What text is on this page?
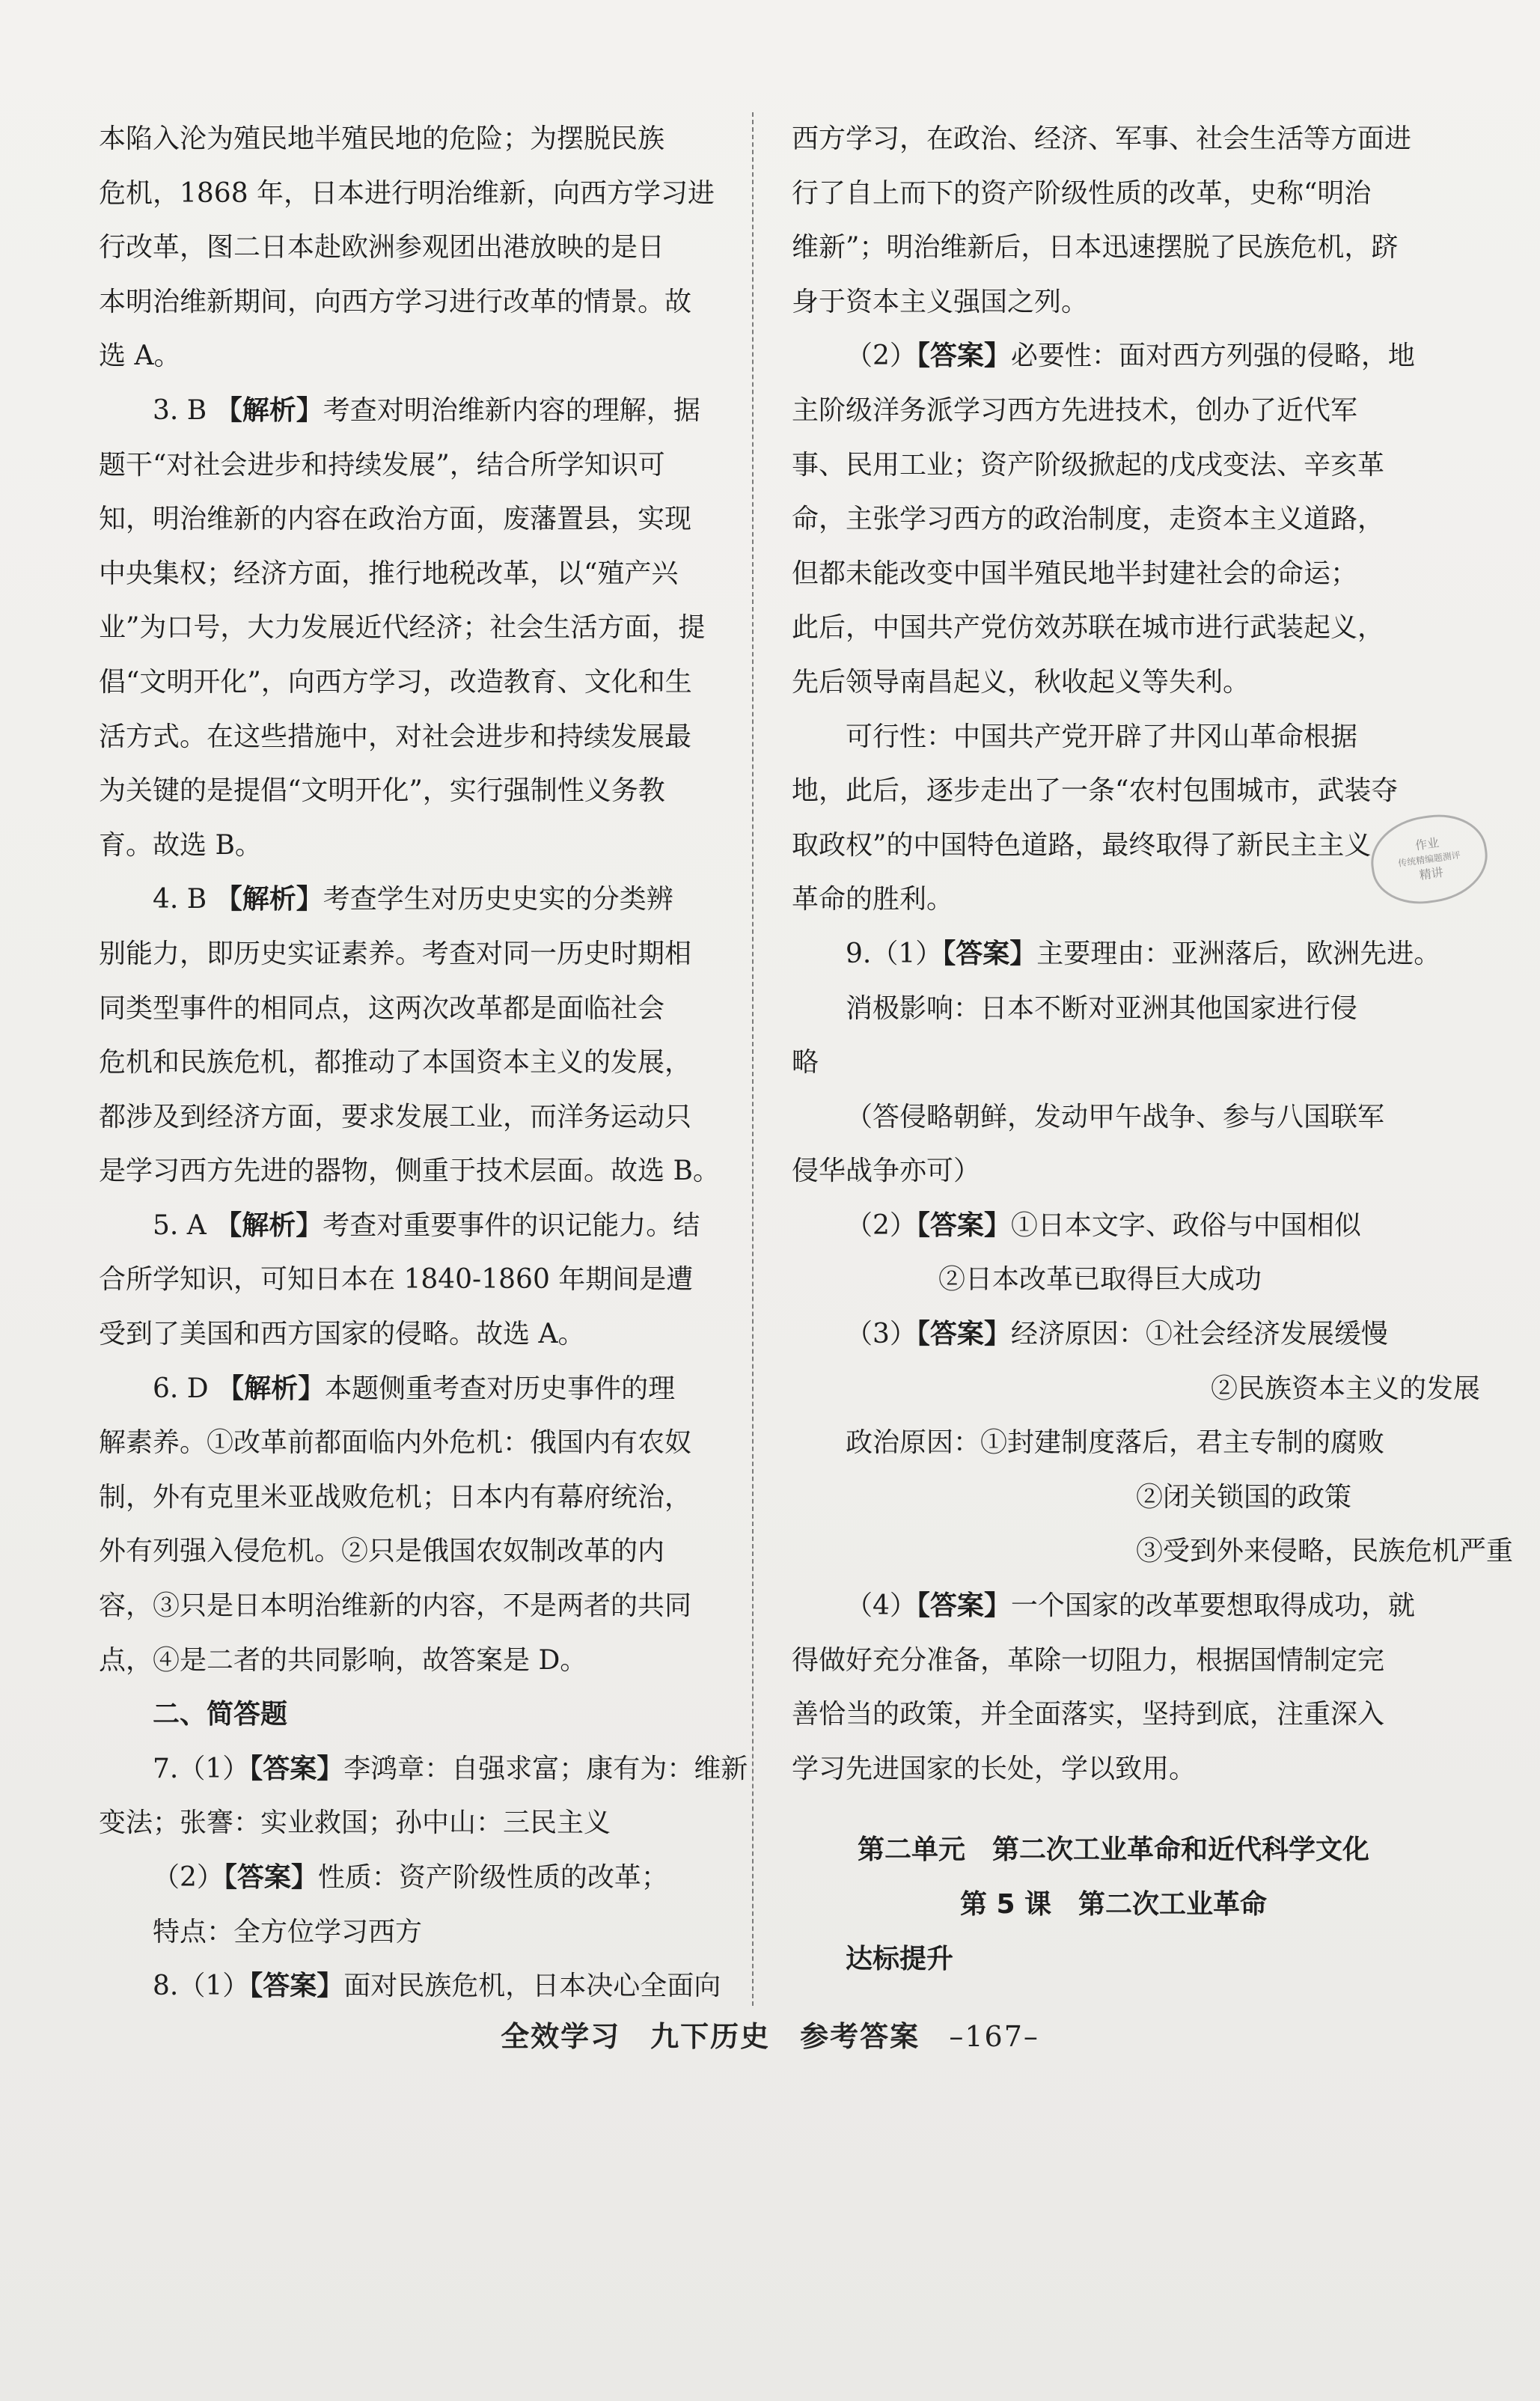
本陷入沦为殖民地半殖民地的危险；为摆脱民族
危机，1868 年，日本进行明治维新，向西方学习进
行改革，图二日本赴欧洲参观团出港放映的是日
本明治维新期间，向西方学习进行改革的情景。故
选 A。
3. B 【解析】考查对明治维新内容的理解，据
题干“对社会进步和持续发展”，结合所学知识可
知，明治维新的内容在政治方面，废藩置县，实现
中央集权；经济方面，推行地税改革，以“殖产兴
业”为口号，大力发展近代经济；社会生活方面，提
倡“文明开化”，向西方学习，改造教育、文化和生
活方式。在这些措施中，对社会进步和持续发展最
为关键的是提倡“文明开化”，实行强制性义务教
育。故选 B。
4. B 【解析】考查学生对历史史实的分类辨
别能力，即历史实证素养。考查对同一历史时期相
同类型事件的相同点，这两次改革都是面临社会
危机和民族危机，都推动了本国资本主义的发展，
都涉及到经济方面，要求发展工业，而洋务运动只
是学习西方先进的器物，侧重于技术层面。故选 B。
5. A 【解析】考查对重要事件的识记能力。结
合所学知识，可知日本在 1840-1860 年期间是遭
受到了美国和西方国家的侵略。故选 A。
6. D 【解析】本题侧重考查对历史事件的理
解素养。①改革前都面临内外危机：俄国内有农奴
制，外有克里米亚战败危机；日本内有幕府统治，
外有列强入侵危机。②只是俄国农奴制改革的内
容，③只是日本明治维新的内容，不是两者的共同
点，④是二者的共同影响，故答案是 D。
二、简答题
7.（1）【答案】李鸿章：自强求富；康有为：维新
变法；张謇：实业救国；孙中山：三民主义
（2）【答案】性质：资产阶级性质的改革；
特点：全方位学习西方
8.（1）【答案】面对民族危机，日本决心全面向
西方学习，在政治、经济、军事、社会生活等方面进
行了自上而下的资产阶级性质的改革，史称“明治
维新”；明治维新后，日本迅速摆脱了民族危机，跻
身于资本主义强国之列。
（2）【答案】必要性：面对西方列强的侵略，地
主阶级洋务派学习西方先进技术，创办了近代军
事、民用工业；资产阶级掀起的戊戌变法、辛亥革
命，主张学习西方的政治制度，走资本主义道路，
但都未能改变中国半殖民地半封建社会的命运；
此后，中国共产党仿效苏联在城市进行武装起义，
先后领导南昌起义，秋收起义等失利。
可行性：中国共产党开辟了井冈山革命根据
地，此后，逐步走出了一条“农村包围城市，武装夺
取政权”的中国特色道路，最终取得了新民主主义
革命的胜利。
9.（1）【答案】主要理由：亚洲落后，欧洲先进。
消极影响：日本不断对亚洲其他国家进行侵
略
（答侵略朝鲜，发动甲午战争、参与八国联军
侵华战争亦可）
（2）【答案】①日本文字、政俗与中国相似
②日本改革已取得巨大成功
（3）【答案】经济原因：①社会经济发展缓慢
②民族资本主义的发展
政治原因：①封建制度落后，君主专制的腐败
②闭关锁国的政策
③受到外来侵略，民族危机严重
（4）【答案】一个国家的改革要想取得成功，就
得做好充分准备，革除一切阻力，根据国情制定完
善恰当的政策，并全面落实，坚持到底，注重深入
学习先进国家的长处，学以致用。
第二单元　第二次工业革命和近代科学文化
第 5 课　第二次工业革命
达标提升
作业
传统精编题测评
精讲
全效学习　九下历史　参考答案 –167–
